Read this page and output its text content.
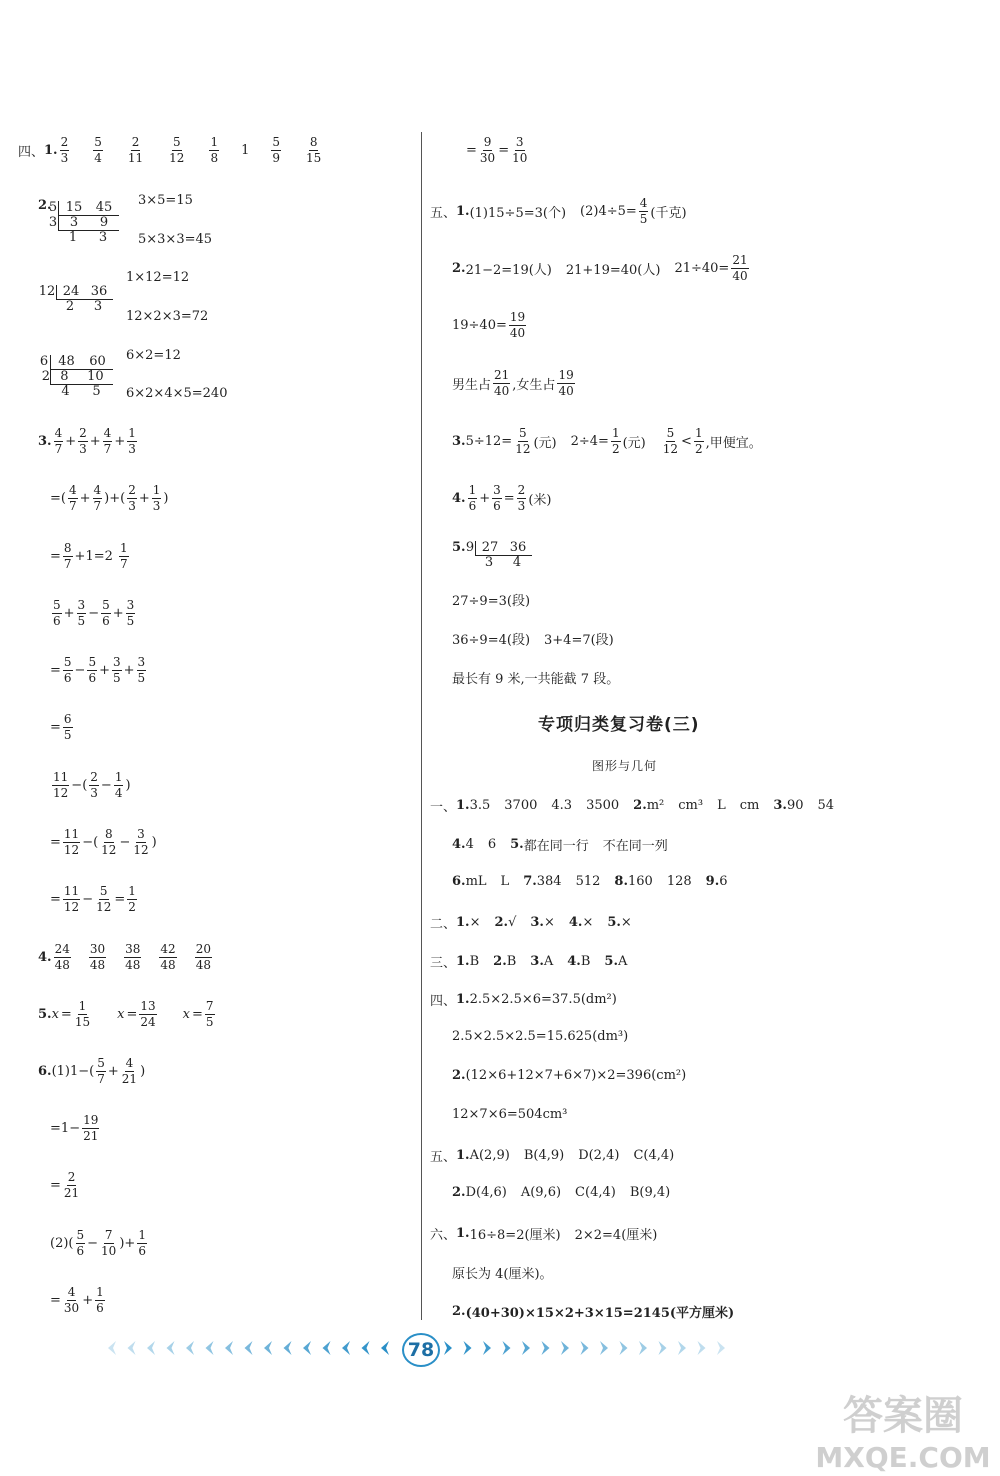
四、 1.
2
3
5
4
2
11
5
12
1
8 1
5
9
8
15
2.
5 15 45
3 3 9
1 3
3×5=15
5×3×3=45
12 24 36
2 3
1×12=12
12×2×3=72
6 48 60
2 8 10
4 5
6×2=12
6×2×4×5=240
3.
4
$7 + \frac{2}{3} + \frac{4}{7} + \frac{1}{3}$
= (
4
$7 + \frac{4}{7}$ )+(
2
$3 + \frac{1}{3}$ )
= $\frac{8}{7} +1=2$

1
7
5
$6 + \frac{3}{5} - \frac{5}{6} + \frac{3}{5}$
= $\frac{5}{6} - \frac{5}{6} + \frac{3}{5} + \frac{3}{5}$
= $\frac{6}{5}$
11
12 − (
2
$3 - \frac{1}{4}$ )
= $\frac{11}{12}$ − (
8
$12 - \frac{3}{12}$ )
= $\frac{11}{12} - \frac{5}{12} = \frac{1}{2}$
4.
24
48
30
48
38
48
42
48
20
48
5. $x = \frac{1}{15}$ $x = \frac{13}{24}$ $x = \frac{7}{5}$
6. (1) 1−(
5
$7 + \frac{4}{21}$ )
= $1 - \frac{19}{21}$
= $\frac{2}{21}$
(2) (
5
$6 - \frac{7}{10}$ ) + $\frac{1}{6}$
= $\frac{4}{30} + \frac{1}{6}$
= $\frac{9}{30} = \frac{3}{10}$
五、 1. (1)15÷5=3(个) $(2)4\div 5= \frac{4}{5}$ (千克)
2. 21−2=19(人) 21+19=40(人) $21\div 40= \frac{21}{40}$
$19\div 40= \frac{19}{40}$
男生占
21
40 ,女生占
19
40
3. $5\div 12= \frac{5}{12}$ (元) $2\div 4= \frac{1}{2}$ (元)
5
12 <
1
2 ,甲便宜。
4.
1
$6 + \frac{3}{6} = \frac{2}{3}$ (米)
5. 9 27 36
3 4
27÷9=3(段)
36÷9=4(段) 3+4=7(段)
最长有 9 米,一共能截 7 段。
专项归类复习卷(三)
图形与几何
一、 1. 3.5 3700 4.3 3500 2. m² cm³ L cm 3. 90 54
4. 4 6 5. 都在同一行 不在同一列
6. mL L 7. 384 512 8. 160 128 9. 6
二、 1. × 2. √ 3. × 4. × 5. ×
三、 1. B 2. B 3. A 4. B 5. A
四、 1. 2.5×2.5×6=37.5(dm²)
2.5×2.5×2.5=15.625(dm³)
2. (12×6+12×7+6×7)×2=396(cm²)
12×7×6=504cm³
五、 1. A(2,9) B(4,9) D(2,4) C(4,4)
2. D(4,6) A(9,6) C(4,4) B(9,4)
六、 1. 16÷8=2(厘米) 2×2=4(厘米)
原长为 4(厘米)。
2. (40+30)×15×2+3×15=2145(平方厘米)
78
答案圈
MXQE.COM
